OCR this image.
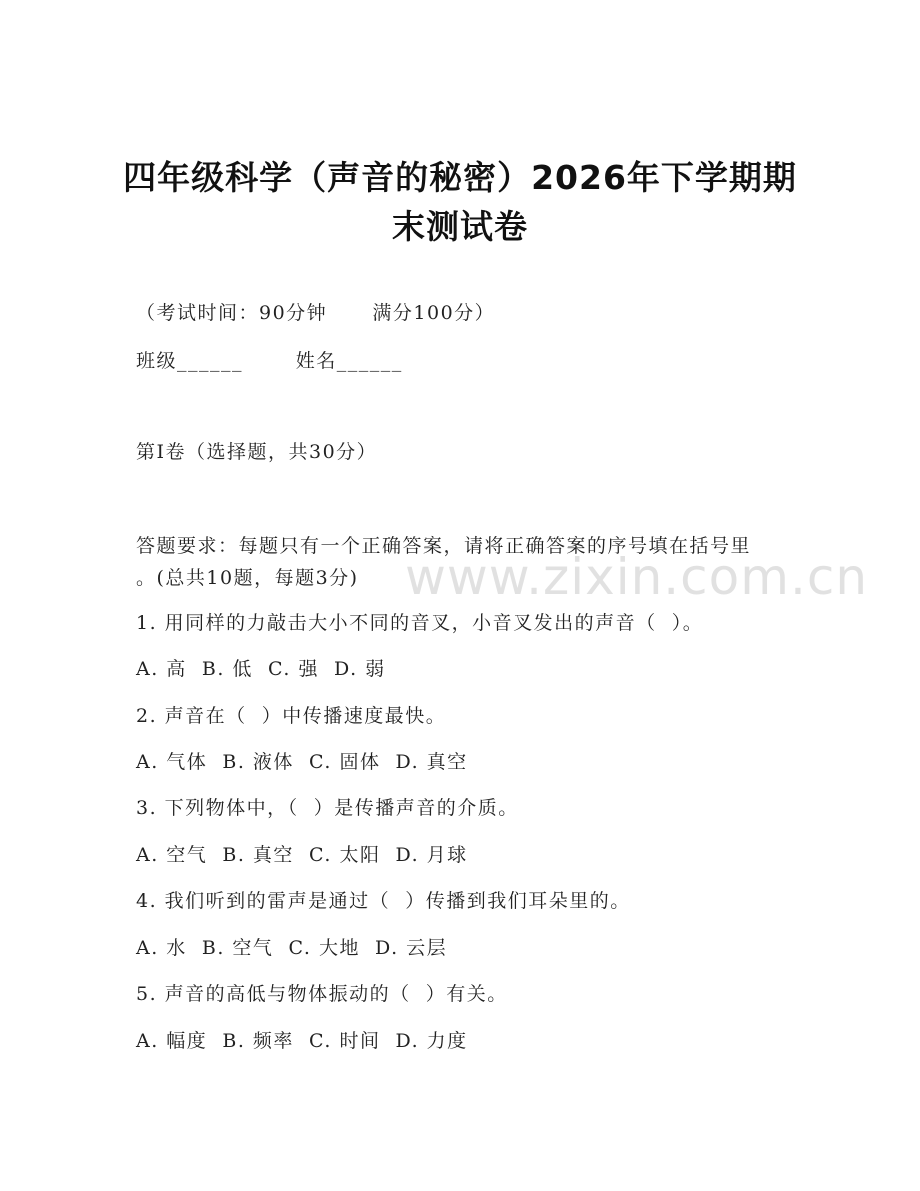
四年级科学（声音的秘密）2026年下学期期
末测试卷
（考试时间：90分钟      满分100分）
班级______       姓名______
第I卷（选择题，共30分）
答题要求：每题只有一个正确答案，请将正确答案的序号填在括号里
。(总共10题，每题3分)
1. 用同样的力敲击大小不同的音叉，小音叉发出的声音（  ）。
A. 高  B. 低  C. 强  D. 弱
2. 声音在（  ）中传播速度最快。
A. 气体  B. 液体  C. 固体  D. 真空
3. 下列物体中，（  ）是传播声音的介质。
A. 空气  B. 真空  C. 太阳  D. 月球
4. 我们听到的雷声是通过（  ）传播到我们耳朵里的。
A. 水  B. 空气  C. 大地  D. 云层
5. 声音的高低与物体振动的（  ）有关。
A. 幅度  B. 频率  C. 时间  D. 力度
www.zixin.com.cn
